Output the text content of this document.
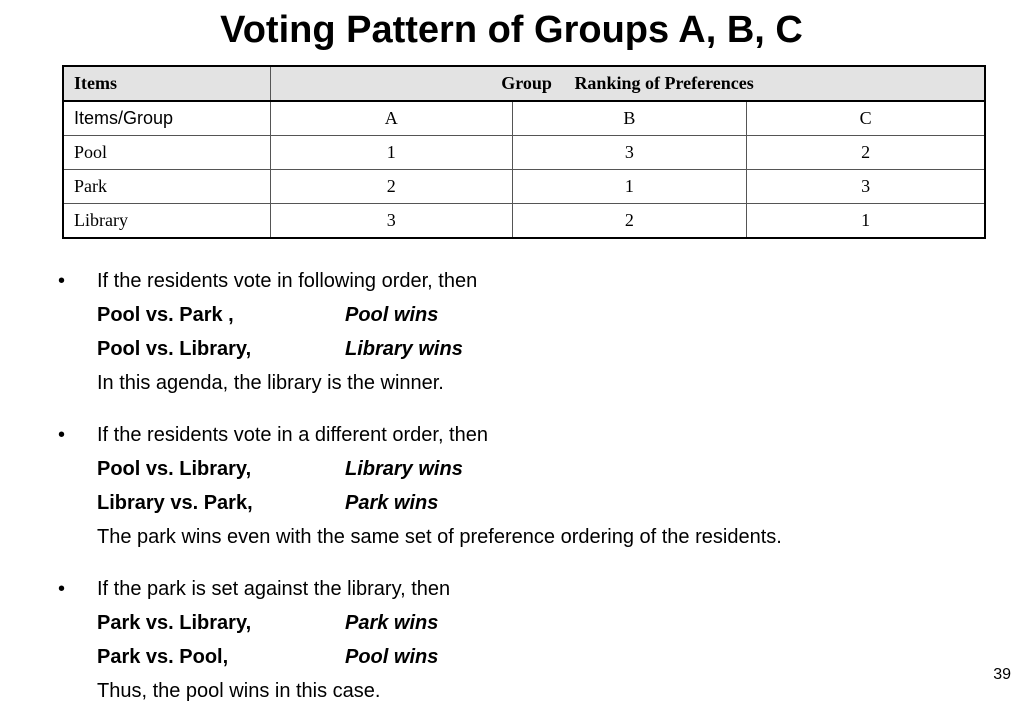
Voting Pattern of Groups A, B, C
Items	Group Ranking of Preferences		
Items/Group	A	B	C
Pool	1	3	2
Park	2	1	3
Library	3	2	1
• If the residents vote in following order, then
Pool vs. Park ,	Pool wins
Pool vs. Library,	Library wins
In this agenda, the library is the winner.
• If the residents vote in a different order, then
Pool vs. Library,	Library wins
Library vs. Park,	Park wins
The park wins even with the same set of preference ordering of the residents.
• If the park is set against the library, then
Park vs. Library,	Park wins
Park vs. Pool,	Pool wins
Thus, the pool wins in this case.
39
